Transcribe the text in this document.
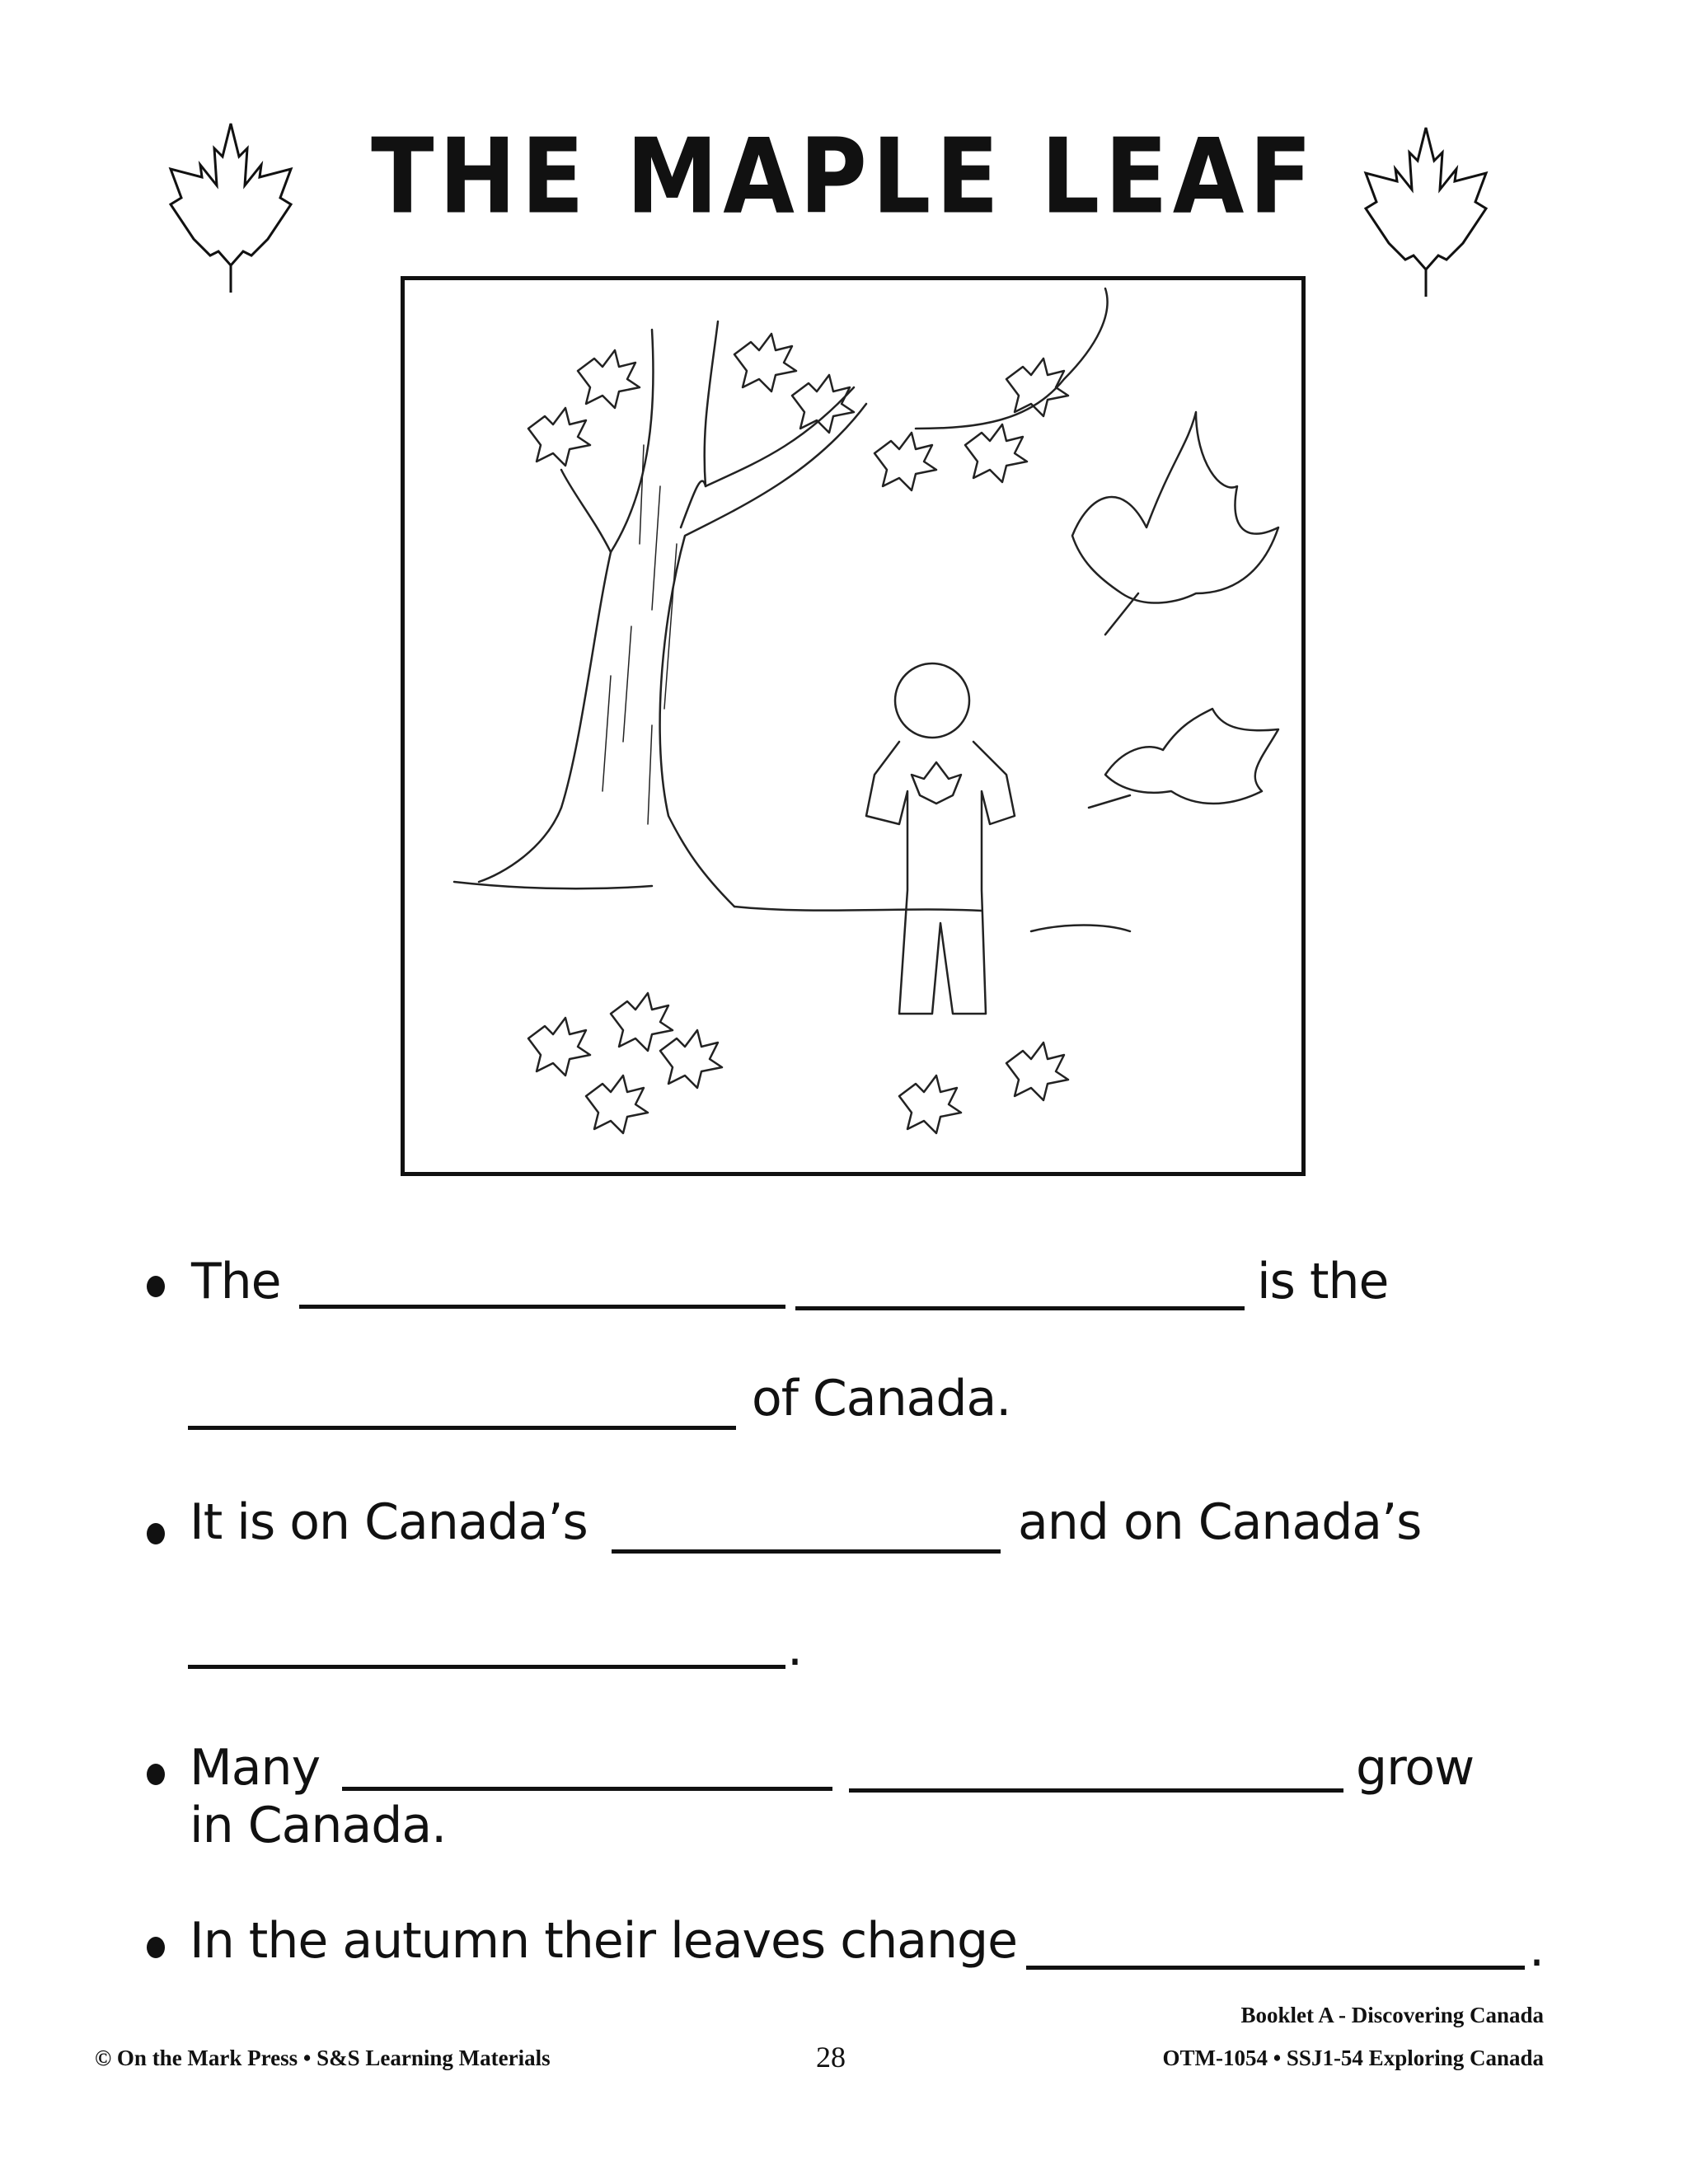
THE MAPLE LEAF
The	is the
of Canada.
It is on Canada’s	and on Canada’s
.
Many	grow
in Canada.
In the autumn their leaves change	.
Booklet A - Discovering Canada
© On the Mark Press • S&S Learning Materials	28	OTM-1054 • SSJ1-54 Exploring Canada
